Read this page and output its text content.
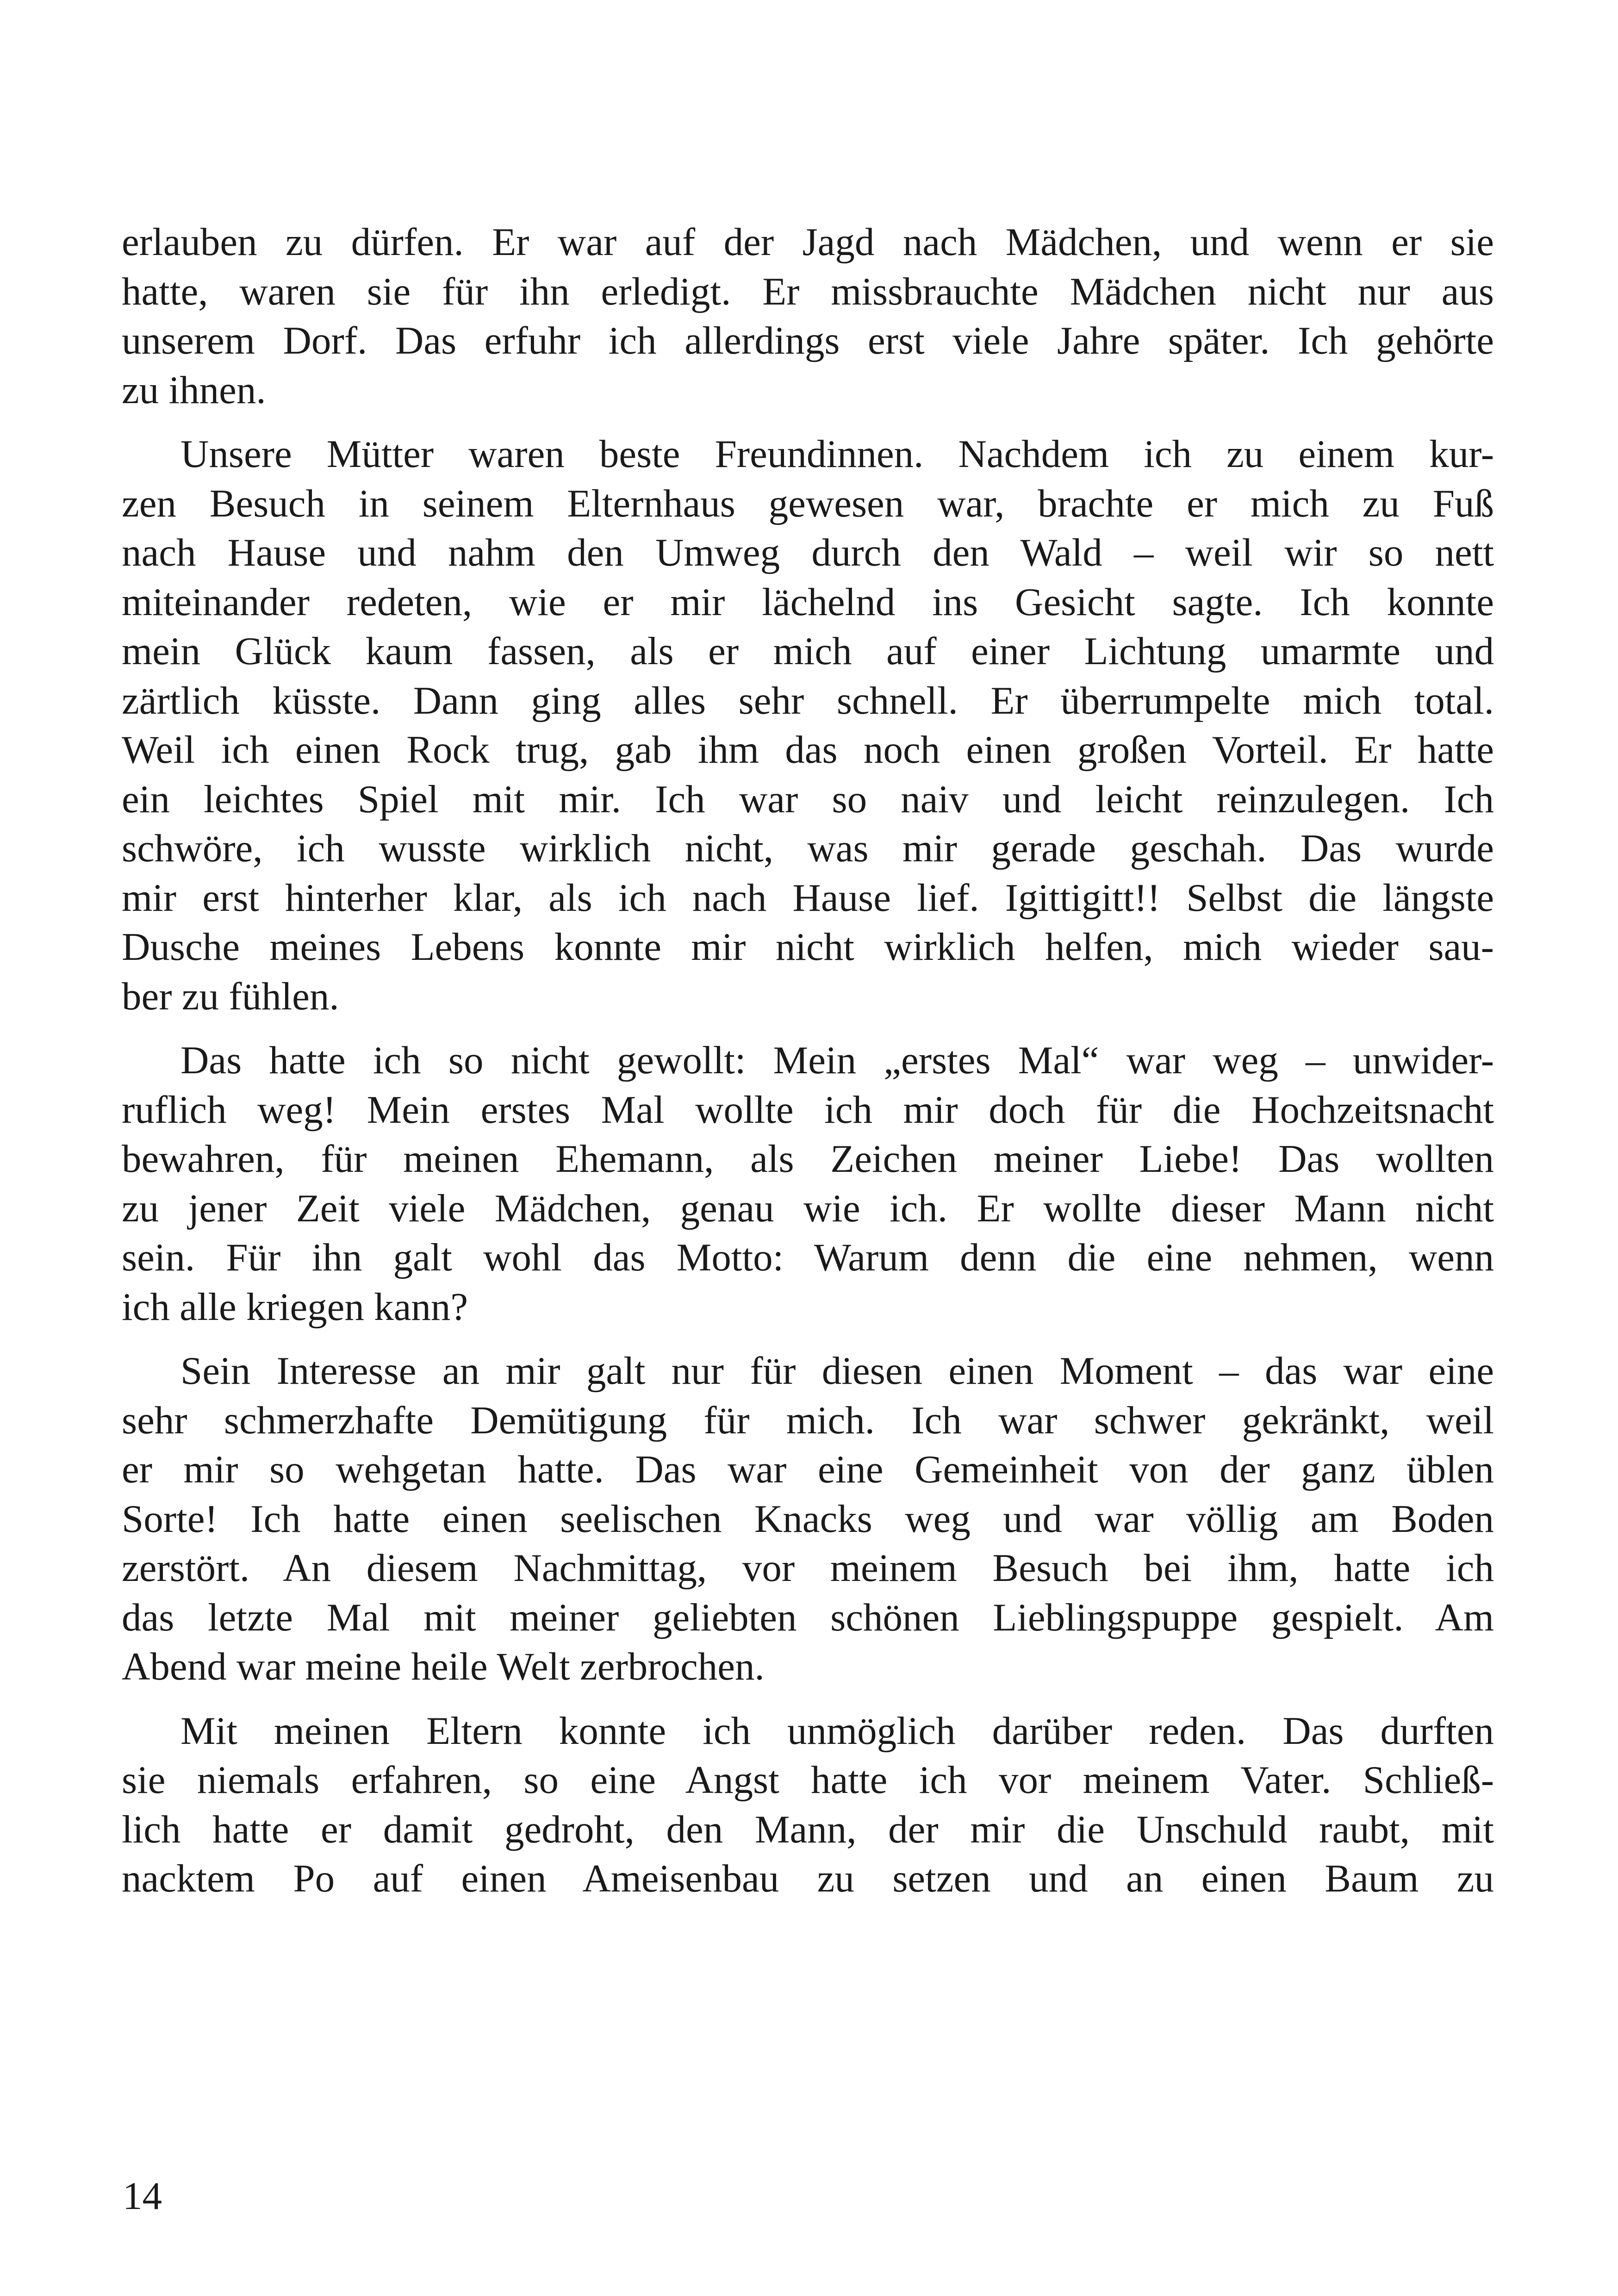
erlauben zu dürfen. Er war auf der Jagd nach Mädchen, und wenn er sie
hatte, waren sie für ihn erledigt. Er missbrauchte Mädchen nicht nur aus
unserem Dorf. Das erfuhr ich allerdings erst viele Jahre später. Ich gehörte
zu ihnen.
Unsere Mütter waren beste Freundinnen. Nachdem ich zu einem kur-
zen Besuch in seinem Elternhaus gewesen war, brachte er mich zu Fuß
nach Hause und nahm den Umweg durch den Wald – weil wir so nett
miteinander redeten, wie er mir lächelnd ins Gesicht sagte. Ich konnte
mein Glück kaum fassen, als er mich auf einer Lichtung umarmte und
zärtlich küsste. Dann ging alles sehr schnell. Er überrumpelte mich total.
Weil ich einen Rock trug, gab ihm das noch einen großen Vorteil. Er hatte
ein leichtes Spiel mit mir. Ich war so naiv und leicht reinzulegen. Ich
schwöre, ich wusste wirklich nicht, was mir gerade geschah. Das wurde
mir erst hinterher klar, als ich nach Hause lief. Igittigitt!! Selbst die längste
Dusche meines Lebens konnte mir nicht wirklich helfen, mich wieder sau-
ber zu fühlen.
Das hatte ich so nicht gewollt: Mein „erstes Mal“ war weg – unwider-
ruflich weg! Mein erstes Mal wollte ich mir doch für die Hochzeitsnacht
bewahren, für meinen Ehemann, als Zeichen meiner Liebe! Das wollten
zu jener Zeit viele Mädchen, genau wie ich. Er wollte dieser Mann nicht
sein. Für ihn galt wohl das Motto: Warum denn die eine nehmen, wenn
ich alle kriegen kann?
Sein Interesse an mir galt nur für diesen einen Moment – das war eine
sehr schmerzhafte Demütigung für mich. Ich war schwer gekränkt, weil
er mir so wehgetan hatte. Das war eine Gemeinheit von der ganz üblen
Sorte! Ich hatte einen seelischen Knacks weg und war völlig am Boden
zerstört. An diesem Nachmittag, vor meinem Besuch bei ihm, hatte ich
das letzte Mal mit meiner geliebten schönen Lieblingspuppe gespielt. Am
Abend war meine heile Welt zerbrochen.
Mit meinen Eltern konnte ich unmöglich darüber reden. Das durften
sie niemals erfahren, so eine Angst hatte ich vor meinem Vater. Schließ-
lich hatte er damit gedroht, den Mann, der mir die Unschuld raubt, mit
nacktem Po auf einen Ameisenbau zu setzen und an einen Baum zu
14
